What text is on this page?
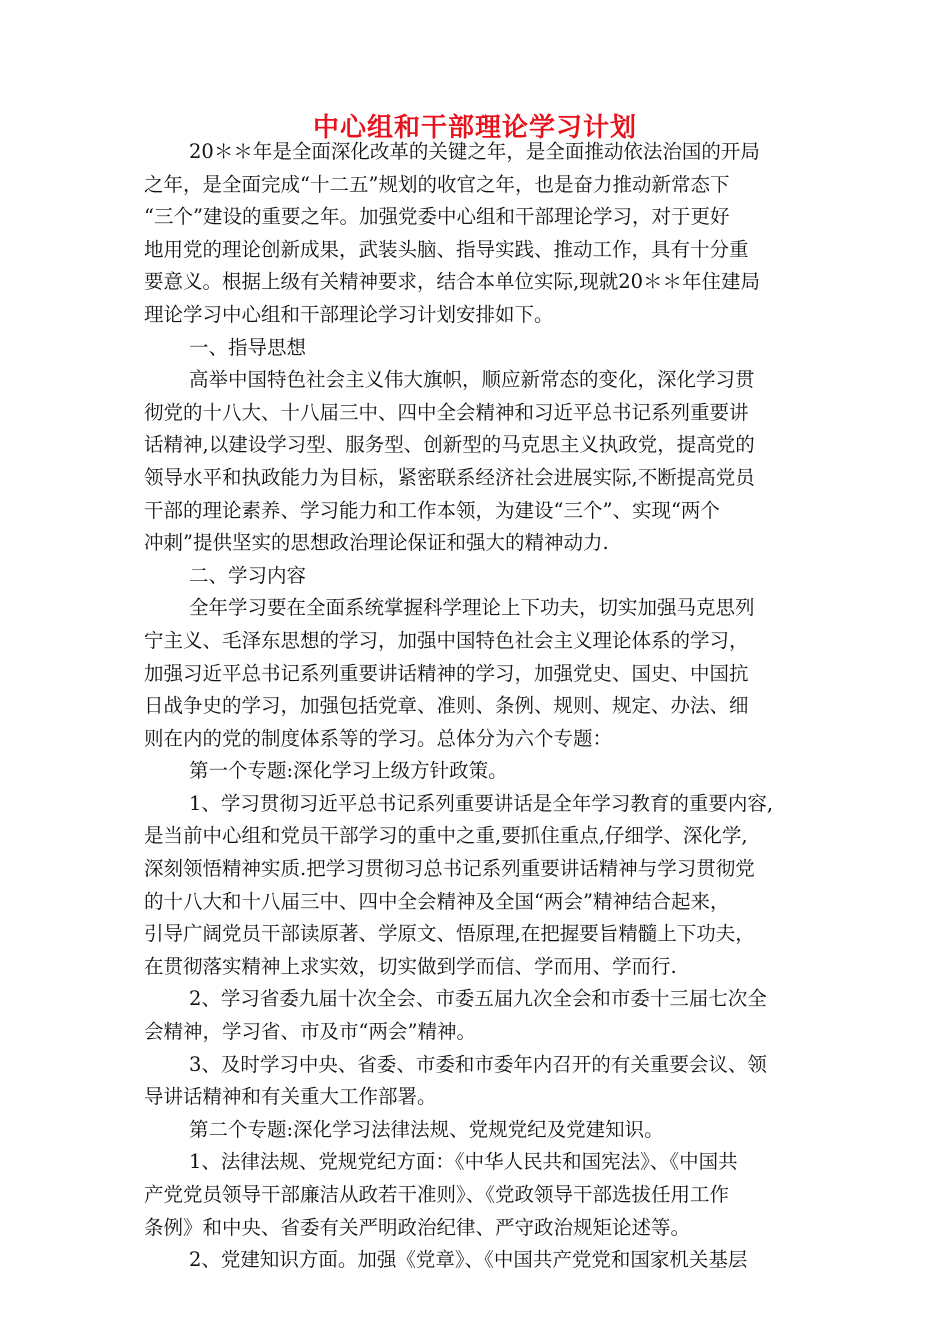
中心组和干部理论学习计划
20＊＊年是全面深化改革的关键之年，是全面推动依法治国的开局
之年，是全面完成“十二五”规划的收官之年，也是奋力推动新常态下
“三个”建设的重要之年。加强党委中心组和干部理论学习，对于更好
地用党的理论创新成果，武装头脑、指导实践、推动工作，具有十分重
要意义。根据上级有关精神要求，结合本单位实际,现就20＊＊年住建局
理论学习中心组和干部理论学习计划安排如下。
一、指导思想
高举中国特色社会主义伟大旗帜，顺应新常态的变化，深化学习贯
彻党的十八大、十八届三中、四中全会精神和习近平总书记系列重要讲
话精神,以建设学习型、服务型、创新型的马克思主义执政党，提高党的
领导水平和执政能力为目标，紧密联系经济社会进展实际,不断提高党员
干部的理论素养、学习能力和工作本领，为建设“三个”、实现“两个
冲刺”提供坚实的思想政治理论保证和强大的精神动力.
二、学习内容
全年学习要在全面系统掌握科学理论上下功夫，切实加强马克思列
宁主义、毛泽东思想的学习，加强中国特色社会主义理论体系的学习，
加强习近平总书记系列重要讲话精神的学习，加强党史、国史、中国抗
日战争史的学习，加强包括党章、准则、条例、规则、规定、办法、细
则在内的党的制度体系等的学习。总体分为六个专题：
第一个专题:深化学习上级方针政策。
1、学习贯彻习近平总书记系列重要讲话是全年学习教育的重要内容,
是当前中心组和党员干部学习的重中之重,要抓住重点,仔细学、深化学,
深刻领悟精神实质.把学习贯彻习总书记系列重要讲话精神与学习贯彻党
的十八大和十八届三中、四中全会精神及全国“两会”精神结合起来，
引导广阔党员干部读原著、学原文、悟原理,在把握要旨精髓上下功夫，
在贯彻落实精神上求实效，切实做到学而信、学而用、学而行.
2、学习省委九届十次全会、市委五届九次全会和市委十三届七次全
会精神，学习省、市及市“两会”精神。
3、及时学习中央、省委、市委和市委年内召开的有关重要会议、领
导讲话精神和有关重大工作部署。
第二个专题:深化学习法律法规、党规党纪及党建知识。
1、法律法规、党规党纪方面：《中华人民共和国宪法》、《中国共
产党党员领导干部廉洁从政若干准则》、《党政领导干部选拔任用工作
条例》和中央、省委有关严明政治纪律、严守政治规矩论述等。
2、党建知识方面。加强《党章》、《中国共产党党和国家机关基层
